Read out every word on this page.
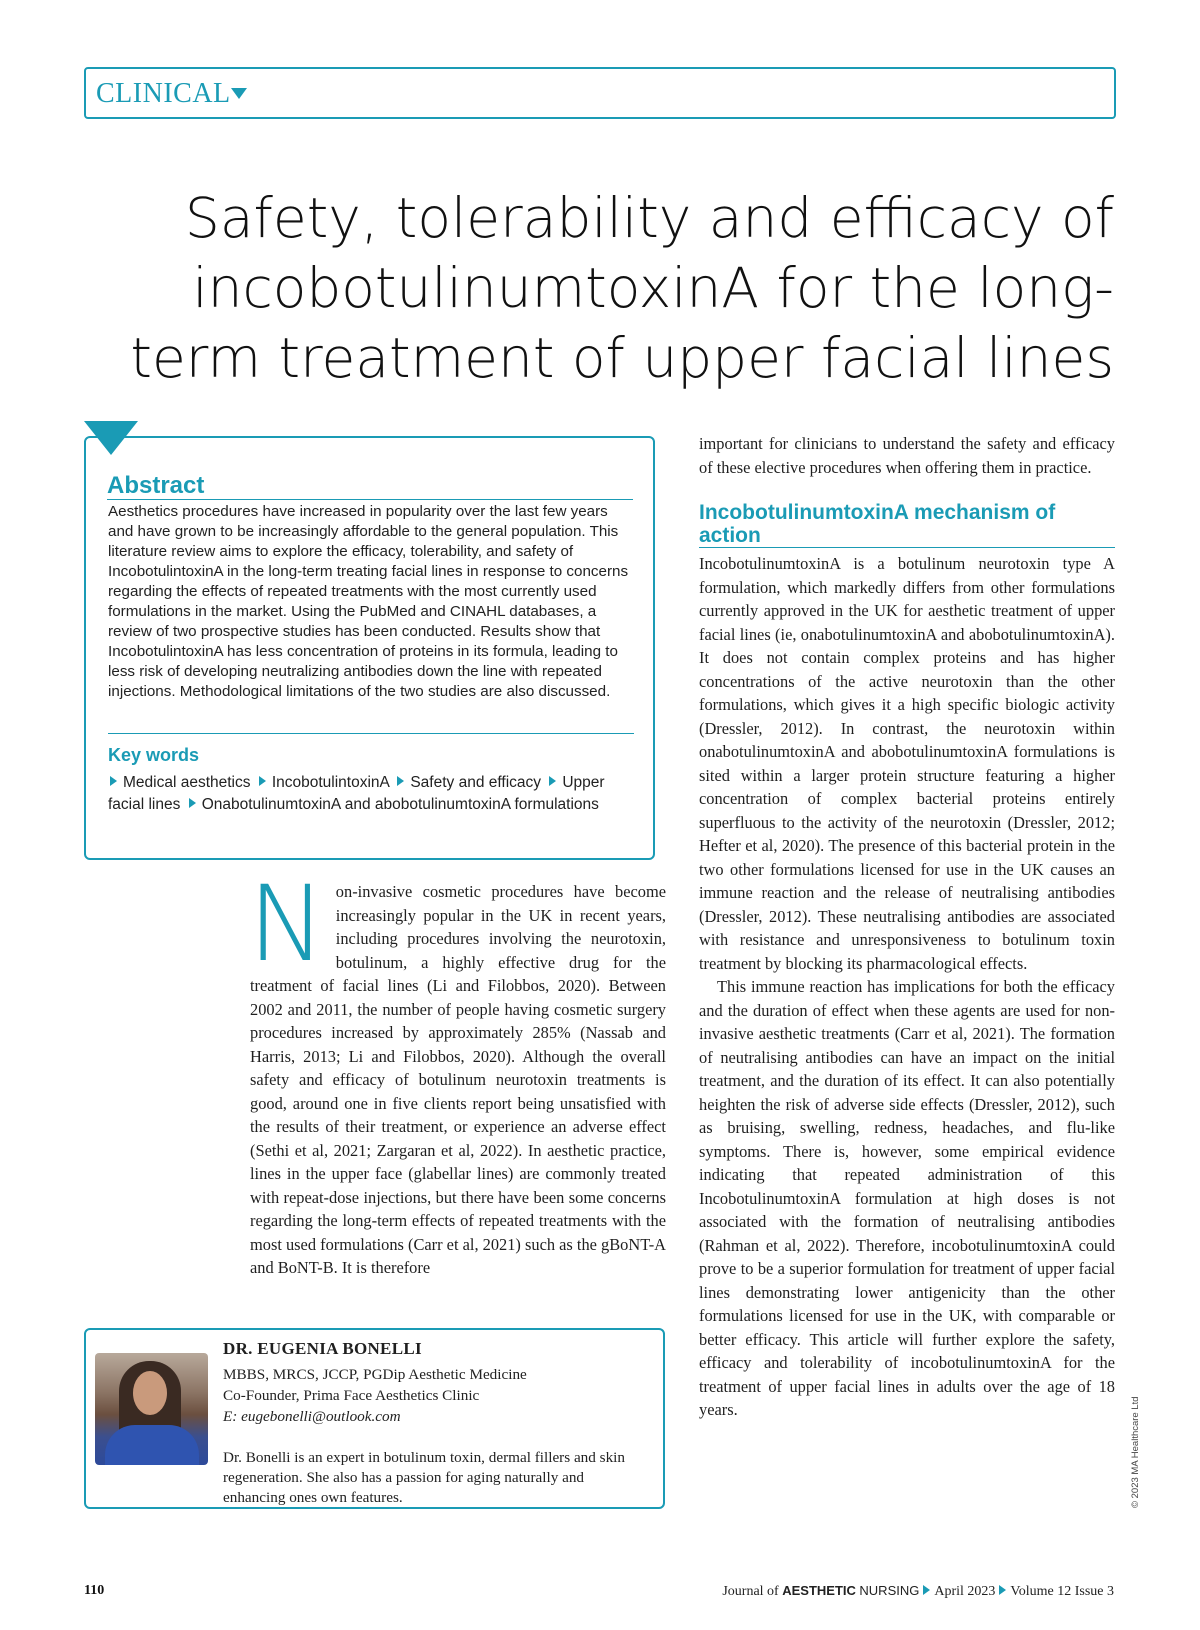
CLINICAL
Safety, tolerability and efficacy of incobotulinumtoxinA for the long-term treatment of upper facial lines
Abstract
Aesthetics procedures have increased in popularity over the last few years and have grown to be increasingly affordable to the general population. This literature review aims to explore the efficacy, tolerability, and safety of IncobotulintoxinA in the long-term treating facial lines in response to concerns regarding the effects of repeated treatments with the most currently used formulations in the market. Using the PubMed and CINAHL databases, a review of two prospective studies has been conducted. Results show that IncobotulintoxinA has less concentration of proteins in its formula, leading to less risk of developing neutralizing antibodies down the line with repeated injections. Methodological limitations of the two studies are also discussed.
Key words
Medical aesthetics IncobotulintoxinA Safety and efficacy Upper facial lines OnabotulinumtoxinA and abobotulinumtoxinA formulations
N on-invasive cosmetic procedures have become increasingly popular in the UK in recent years, including procedures involving the neurotoxin, botulinum, a highly effective drug for the treatment of facial lines (Li and Filobbos, 2020). Between 2002 and 2011, the number of people having cosmetic surgery procedures increased by approximately 285% (Nassab and Harris, 2013; Li and Filobbos, 2020). Although the overall safety and efficacy of botulinum neurotoxin treatments is good, around one in five clients report being unsatisfied with the results of their treatment, or experience an adverse effect (Sethi et al, 2021; Zargaran et al, 2022). In aesthetic practice, lines in the upper face (glabellar lines) are commonly treated with repeat-dose injections, but there have been some concerns regarding the long-term effects of repeated treatments with the most used formulations (Carr et al, 2021) such as the gBoNT-A and BoNT-B. It is therefore

important for clinicians to understand the safety and efficacy of these elective procedures when offering them in practice.

IncobotulinumtoxinA mechanism of action

IncobotulinumtoxinA is a botulinum neurotoxin type A formulation, which markedly differs from other formulations currently approved in the UK for aesthetic treatment of upper facial lines (ie, onabotulinumtoxinA and abobotulinumtoxinA). It does not contain complex proteins and has higher concentrations of the active neurotoxin than the other formulations, which gives it a high specific biologic activity (Dressler, 2012). In contrast, the neurotoxin within onabotulinumtoxinA and abobotulinumtoxinA formulations is sited within a larger protein structure featuring a higher concentration of complex bacterial proteins entirely superfluous to the activity of the neurotoxin (Dressler, 2012; Hefter et al, 2020). The presence of this bacterial protein in the two other formulations licensed for use in the UK causes an immune reaction and the release of neutralising antibodies (Dressler, 2012). These neutralising antibodies are associated with resistance and unresponsiveness to botulinum toxin treatment by blocking its pharmacological effects.

This immune reaction has implications for both the efficacy and the duration of effect when these agents are used for non-invasive aesthetic treatments (Carr et al, 2021). The formation of neutralising antibodies can have an impact on the initial treatment, and the duration of its effect. It can also potentially heighten the risk of adverse side effects (Dressler, 2012), such as bruising, swelling, redness, headaches, and flu-like symptoms. There is, however, some empirical evidence indicating that repeated administration of this IncobotulinumtoxinA formulation at high doses is not associated with the formation of neutralising antibodies (Rahman et al, 2022). Therefore, incobotulinumtoxinA could prove to be a superior formulation for treatment of upper facial lines demonstrating lower antigenicity than the other formulations licensed for use in the UK, with comparable or better efficacy. This article will further explore the safety, efficacy and tolerability of incobotulinumtoxinA for the treatment of upper facial lines in adults over the age of 18 years.

DR. EUGENIA BONELLI
MBBS, MRCS, JCCP, PGDip Aesthetic Medicine
Co-Founder, Prima Face Aesthetics Clinic
E: eugebonelli@outlook.com
Dr. Bonelli is an expert in botulinum toxin, dermal fillers and skin regeneration. She also has a passion for aging naturally and enhancing ones own features.	© 2023 MA Healthcare Ltd
110	Journal of AESTHETIC NURSING April 2023 Volume 12 Issue 3
